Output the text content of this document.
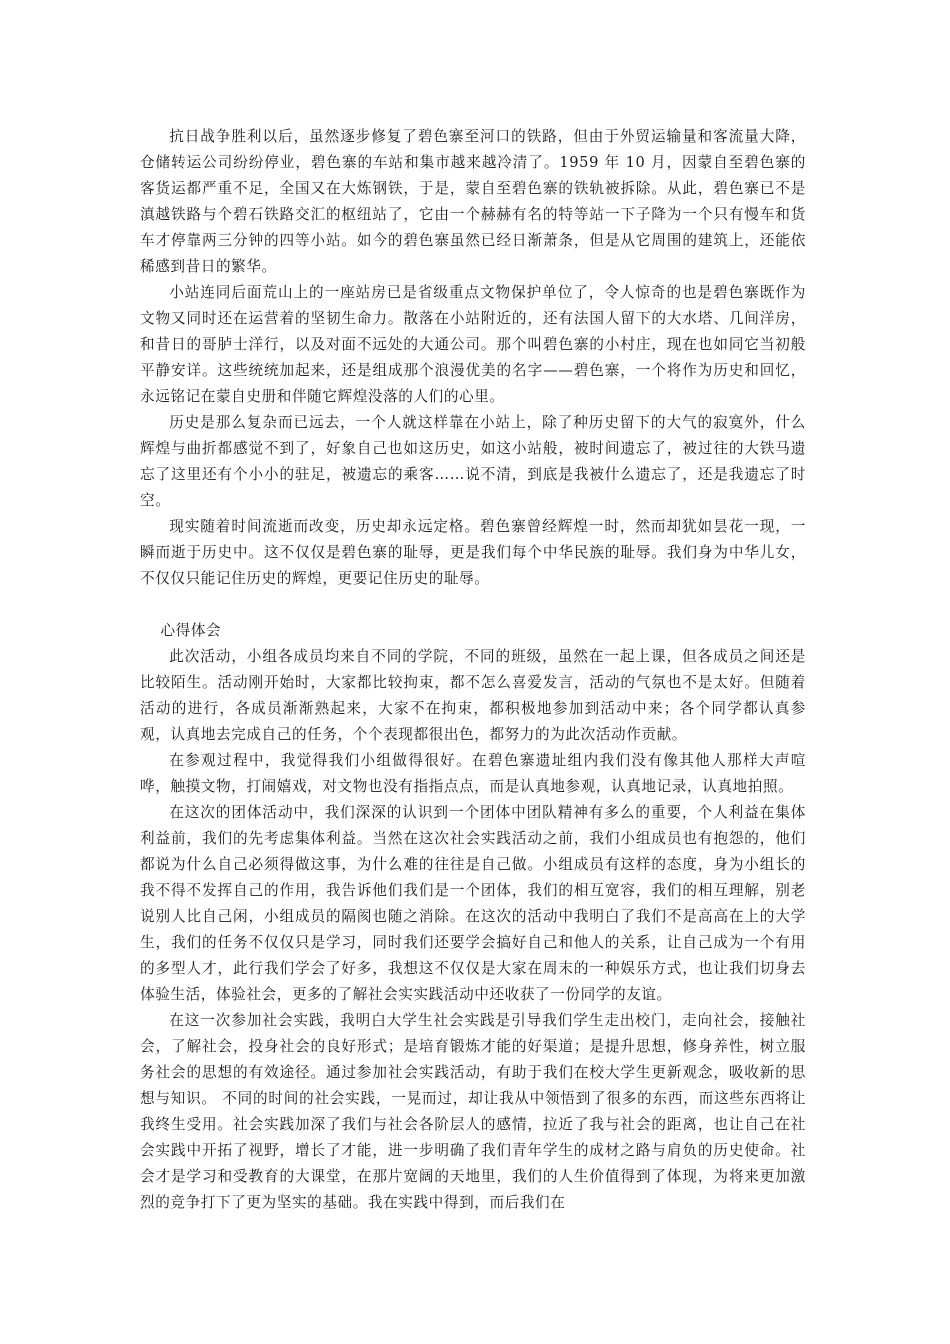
抗日战争胜利以后，虽然逐步修复了碧色寨至河口的铁路，但由于外贸运输量和客流量大降，仓储转运公司纷纷停业，碧色寨的车站和集市越来越冷清了。1959 年 10 月，因蒙自至碧色寨的客货运都严重不足，全国又在大炼钢铁，于是，蒙自至碧色寨的铁轨被拆除。从此，碧色寨已不是滇越铁路与个碧石铁路交汇的枢纽站了，它由一个赫赫有名的特等站一下子降为一个只有慢车和货车才停靠两三分钟的四等小站。如今的碧色寨虽然已经日渐萧条，但是从它周围的建筑上，还能依稀感到昔日的繁华。

小站连同后面荒山上的一座站房已是省级重点文物保护单位了，令人惊奇的也是碧色寨既作为文物又同时还在运营着的坚韧生命力。散落在小站附近的，还有法国人留下的大水塔、几间洋房，和昔日的哥胪士洋行，以及对面不远处的大通公司。那个叫碧色寨的小村庄，现在也如同它当初般平静安详。这些统统加起来，还是组成那个浪漫优美的名字——碧色寨，一个将作为历史和回忆，永远铭记在蒙自史册和伴随它辉煌没落的人们的心里。

历史是那么复杂而已远去，一个人就这样靠在小站上，除了种历史留下的大气的寂寞外，什么辉煌与曲折都感觉不到了，好象自己也如这历史，如这小站般，被时间遗忘了，被过往的大铁马遗忘了这里还有个小小的驻足，被遗忘的乘客……说不清，到底是我被什么遗忘了，还是我遗忘了时空。

现实随着时间流逝而改变，历史却永远定格。碧色寨曾经辉煌一时，然而却犹如昙花一现，一瞬而逝于历史中。这不仅仅是碧色寨的耻辱，更是我们每个中华民族的耻辱。我们身为中华儿女，不仅仅只能记住历史的辉煌，更要记住历史的耻辱。

心得体会

此次活动，小组各成员均来自不同的学院，不同的班级，虽然在一起上课，但各成员之间还是比较陌生。活动刚开始时，大家都比较拘束，都不怎么喜爱发言，活动的气氛也不是太好。但随着活动的进行，各成员渐渐熟起来，大家不在拘束，都积极地参加到活动中来；各个同学都认真参观，认真地去完成自己的任务，个个表现都很出色，都努力的为此次活动作贡献。

在参观过程中，我觉得我们小组做得很好。在碧色寨遗址组内我们没有像其他人那样大声喧哗，触摸文物，打闹嬉戏，对文物也没有指指点点，而是认真地参观，认真地记录，认真地拍照。

在这次的团体活动中，我们深深的认识到一个团体中团队精神有多么的重要，个人利益在集体利益前，我们的先考虑集体利益。当然在这次社会实践活动之前，我们小组成员也有抱怨的，他们都说为什么自己必须得做这事，为什么难的往往是自己做。小组成员有这样的态度，身为小组长的我不得不发挥自己的作用，我告诉他们我们是一个团体，我们的相互宽容，我们的相互理解，别老说别人比自己闲，小组成员的隔阂也随之消除。在这次的活动中我明白了我们不是高高在上的大学生，我们的任务不仅仅只是学习，同时我们还要学会搞好自己和他人的关系，让自己成为一个有用的多型人才，此行我们学会了好多，我想这不仅仅是大家在周末的一种娱乐方式，也让我们切身去体验生活，体验社会，更多的了解社会实实践活动中还收获了一份同学的友谊。

在这一次参加社会实践，我明白大学生社会实践是引导我们学生走出校门，走向社会，接触社会，了解社会，投身社会的良好形式；是培育锻炼才能的好渠道；是提升思想，修身养性，树立服务社会的思想的有效途径。通过参加社会实践活动，有助于我们在校大学生更新观念，吸收新的思想与知识。 不同的时间的社会实践，一晃而过，却让我从中领悟到了很多的东西，而这些东西将让我终生受用。社会实践加深了我们与社会各阶层人的感情，拉近了我与社会的距离，也让自己在社会实践中开拓了视野，增长了才能，进一步明确了我们青年学生的成材之路与肩负的历史使命。社会才是学习和受教育的大课堂，在那片宽阔的天地里，我们的人生价值得到了体现，为将来更加激烈的竞争打下了更为坚实的基础。我在实践中得到，而后我们在
